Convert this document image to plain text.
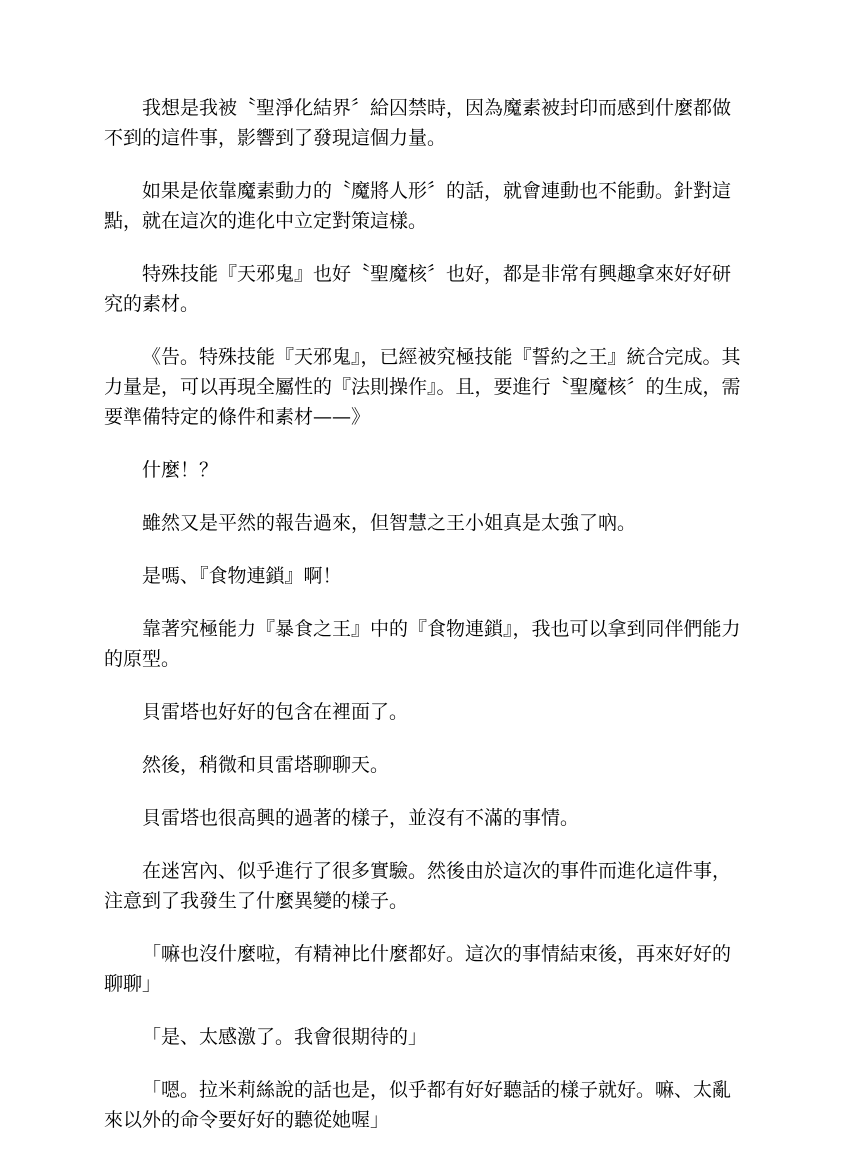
我想是我被〝聖淨化結界〞給囚禁時，因為魔素被封印而感到什麼都做不到的這件事，影響到了發現這個力量。

如果是依靠魔素動力的〝魔將人形〞的話，就會連動也不能動。針對這點，就在這次的進化中立定對策這樣。

特殊技能『天邪鬼』也好〝聖魔核〞也好，都是非常有興趣拿來好好研究的素材。

《告。特殊技能『天邪鬼』，已經被究極技能『誓約之王』統合完成。其力量是，可以再現全屬性的『法則操作』。且，要進行〝聖魔核〞的生成，需要準備特定的條件和素材——》

什麼！？

雖然又是平然的報告過來，但智慧之王小姐真是太強了吶。

是嗎、『食物連鎖』啊！

靠著究極能力『暴食之王』中的『食物連鎖』，我也可以拿到同伴們能力的原型。

貝雷塔也好好的包含在裡面了。

然後，稍微和貝雷塔聊聊天。

貝雷塔也很高興的過著的樣子，並沒有不滿的事情。

在迷宮內、似乎進行了很多實驗。然後由於這次的事件而進化這件事，注意到了我發生了什麼異變的樣子。

「嘛也沒什麼啦，有精神比什麼都好。這次的事情結束後，再來好好的聊聊」

「是、太感激了。我會很期待的」

「嗯。拉米莉絲說的話也是，似乎都有好好聽話的樣子就好。嘛、太亂來以外的命令要好好的聽從她喔」
